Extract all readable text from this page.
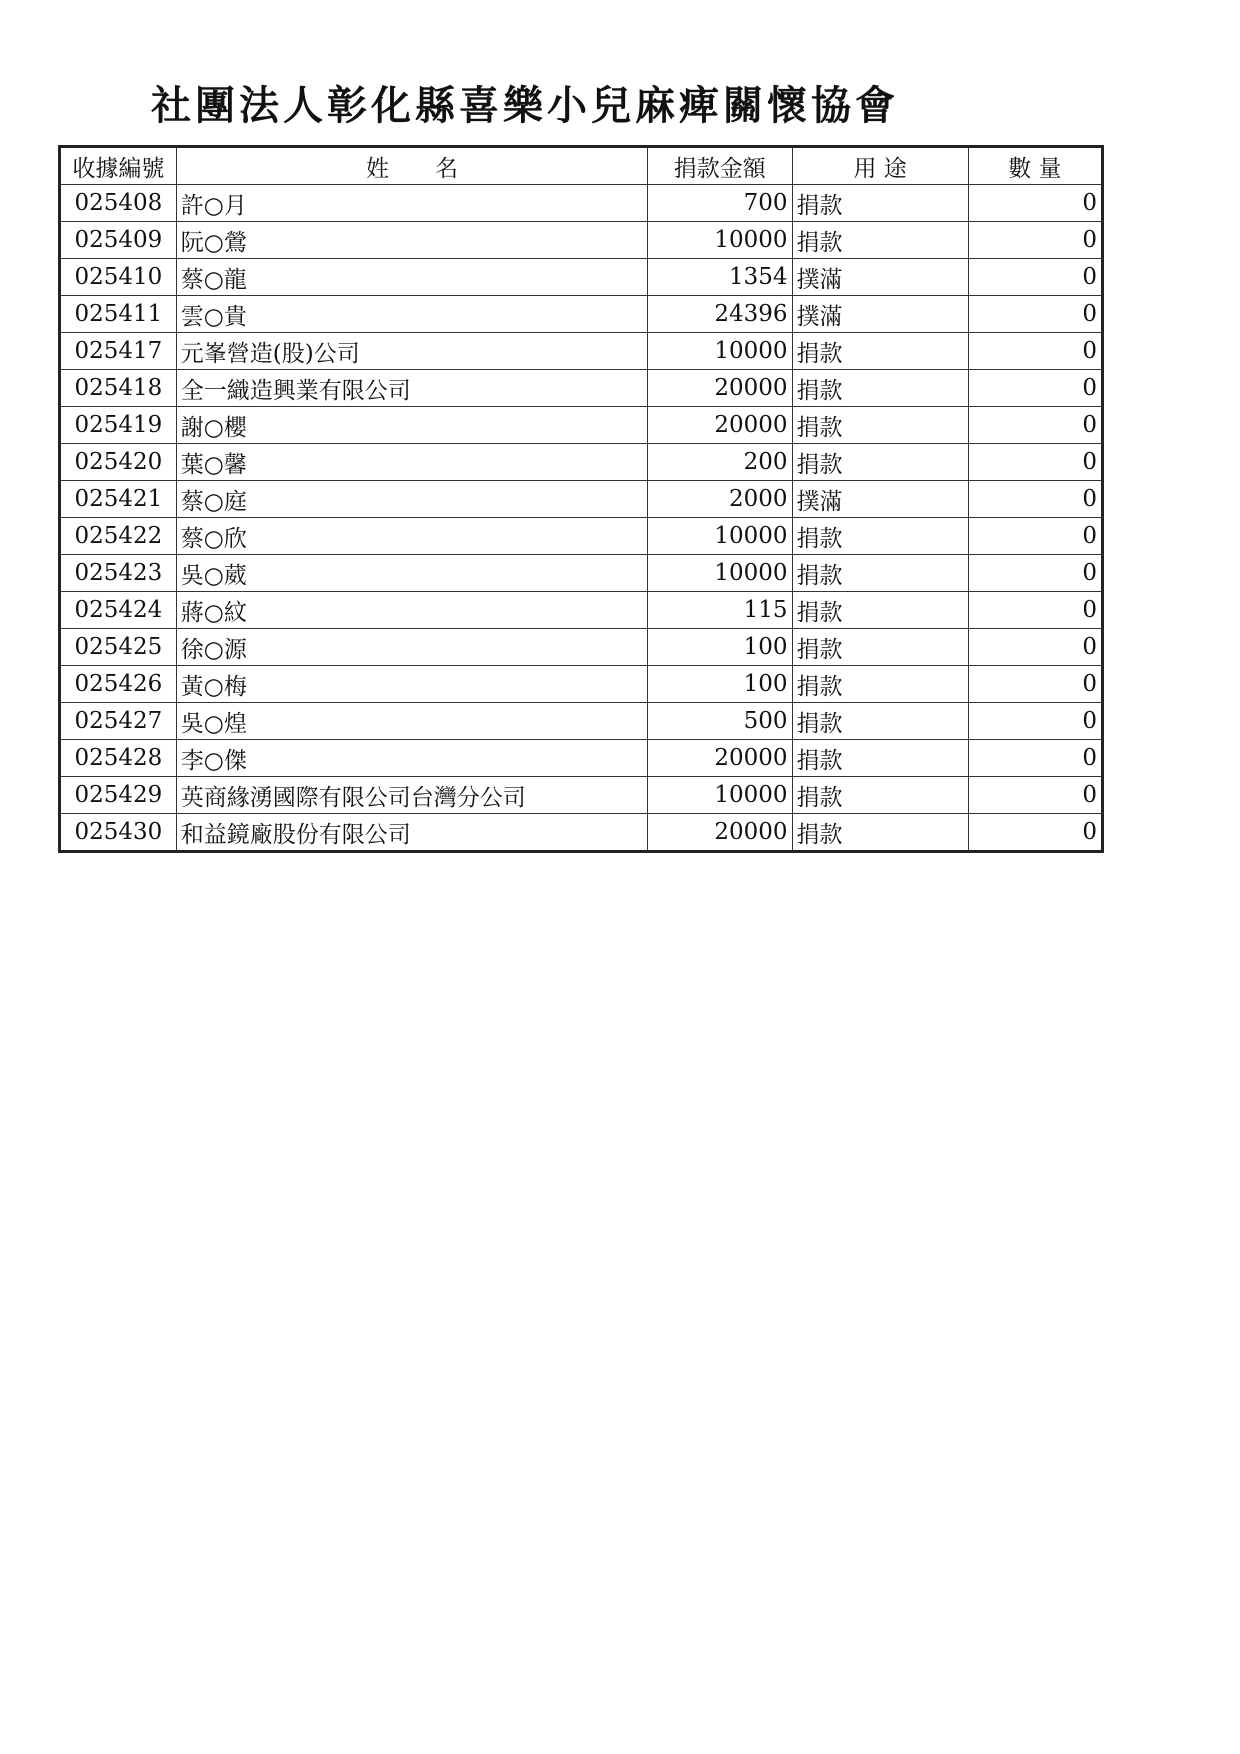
社團法人彰化縣喜樂小兒麻痺關懷協會
收據編號	姓　　名	捐款金額	用 途	數 量
025408	許○月	700	捐款	0
025409	阮○鶯	10000	捐款	0
025410	蔡○龍	1354	撲滿	0
025411	雲○貴	24396	撲滿	0
025417	元峯營造(股)公司	10000	捐款	0
025418	全一織造興業有限公司	20000	捐款	0
025419	謝○櫻	20000	捐款	0
025420	葉○馨	200	捐款	0
025421	蔡○庭	2000	撲滿	0
025422	蔡○欣	10000	捐款	0
025423	吳○葳	10000	捐款	0
025424	蔣○紋	115	捐款	0
025425	徐○源	100	捐款	0
025426	黃○梅	100	捐款	0
025427	吳○煌	500	捐款	0
025428	李○傑	20000	捐款	0
025429	英商緣湧國際有限公司台灣分公司	10000	捐款	0
025430	和益鏡廠股份有限公司	20000	捐款	0
